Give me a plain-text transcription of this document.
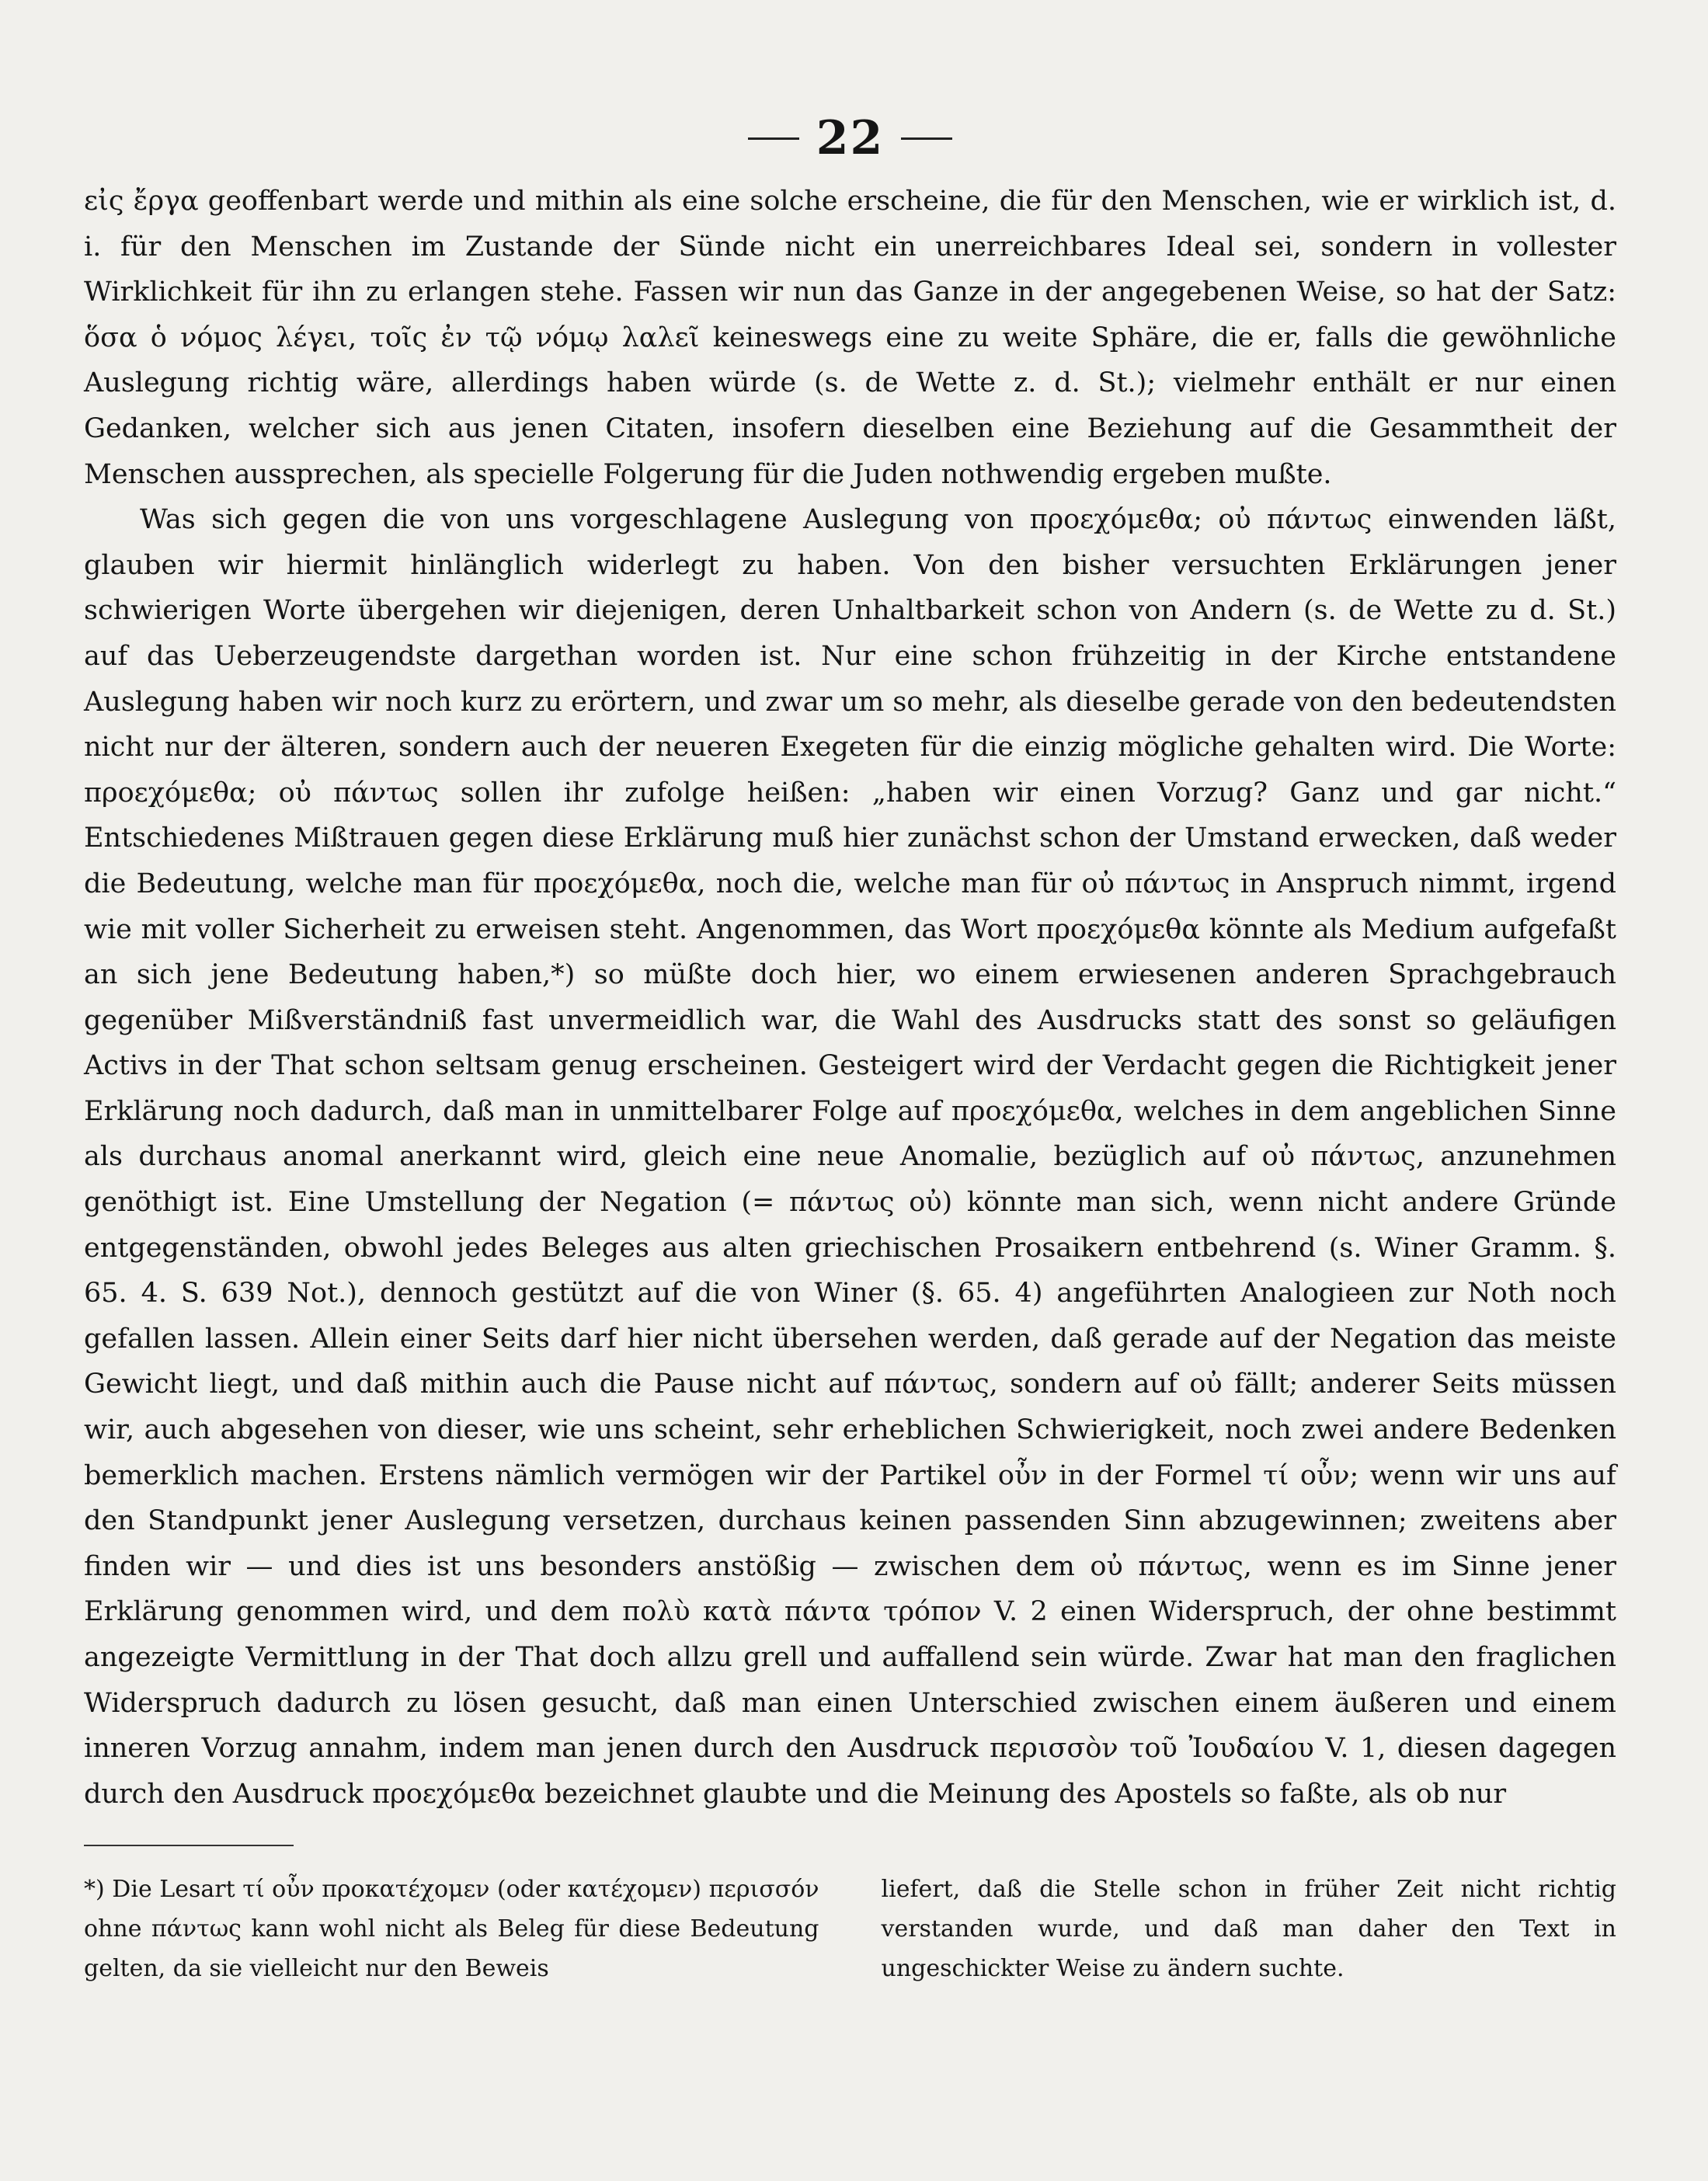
22

εἰς ἔργα geoffenbart werde und mithin als eine solche erscheine, die für den Menschen, wie er wirklich ist, d. i. für den Menschen im Zustande der Sünde nicht ein unerreichbares Ideal sei, sondern in vollester Wirklichkeit für ihn zu erlangen stehe. Fassen wir nun das Ganze in der angegebenen Weise, so hat der Satz: ὅσα ὁ νόμος λέγει, τοῖς ἐν τῷ νόμῳ λαλεῖ keineswegs eine zu weite Sphäre, die er, falls die gewöhnliche Auslegung richtig wäre, allerdings haben würde (s. de Wette z. d. St.); vielmehr enthält er nur einen Gedanken, welcher sich aus jenen Citaten, insofern dieselben eine Beziehung auf die Gesammtheit der Menschen aussprechen, als specielle Folgerung für die Juden nothwendig ergeben mußte.

Was sich gegen die von uns vorgeschlagene Auslegung von προεχόμεθα; οὐ πάντως einwenden läßt, glauben wir hiermit hinlänglich widerlegt zu haben. Von den bisher versuchten Erklärungen jener schwierigen Worte übergehen wir diejenigen, deren Unhaltbarkeit schon von Andern (s. de Wette zu d. St.) auf das Ueberzeugendste dargethan worden ist. Nur eine schon frühzeitig in der Kirche entstandene Auslegung haben wir noch kurz zu erörtern, und zwar um so mehr, als dieselbe gerade von den bedeutendsten nicht nur der älteren, sondern auch der neueren Exegeten für die einzig mögliche gehalten wird. Die Worte: προεχόμεθα; οὐ πάντως sollen ihr zufolge heißen: „haben wir einen Vorzug? Ganz und gar nicht.“ Entschiedenes Mißtrauen gegen diese Erklärung muß hier zunächst schon der Umstand erwecken, daß weder die Bedeutung, welche man für προεχόμεθα, noch die, welche man für οὐ πάντως in Anspruch nimmt, irgend wie mit voller Sicherheit zu erweisen steht. Angenommen, das Wort προεχόμεθα könnte als Medium aufgefaßt an sich jene Bedeutung haben,*) so müßte doch hier, wo einem erwiesenen anderen Sprachgebrauch gegenüber Mißverständniß fast unvermeidlich war, die Wahl des Ausdrucks statt des sonst so geläufigen Activs in der That schon seltsam genug erscheinen. Gesteigert wird der Verdacht gegen die Richtigkeit jener Erklärung noch dadurch, daß man in unmittelbarer Folge auf προεχόμεθα, welches in dem angeblichen Sinne als durchaus anomal anerkannt wird, gleich eine neue Anomalie, bezüglich auf οὐ πάντως, anzunehmen genöthigt ist. Eine Umstellung der Negation (= πάντως οὐ) könnte man sich, wenn nicht andere Gründe entgegenständen, obwohl jedes Beleges aus alten griechischen Prosaikern entbehrend (s. Winer Gramm. §. 65. 4. S. 639 Not.), dennoch gestützt auf die von Winer (§. 65. 4) angeführten Analogieen zur Noth noch gefallen lassen. Allein einer Seits darf hier nicht übersehen werden, daß gerade auf der Negation das meiste Gewicht liegt, und daß mithin auch die Pause nicht auf πάντως, sondern auf οὐ fällt; anderer Seits müssen wir, auch abgesehen von dieser, wie uns scheint, sehr erheblichen Schwierigkeit, noch zwei andere Bedenken bemerklich machen. Erstens nämlich vermögen wir der Partikel οὖν in der Formel τί οὖν; wenn wir uns auf den Standpunkt jener Auslegung versetzen, durchaus keinen passenden Sinn abzugewinnen; zweitens aber finden wir — und dies ist uns besonders anstößig — zwischen dem οὐ πάντως, wenn es im Sinne jener Erklärung genommen wird, und dem πολὺ κατὰ πάντα τρόπον V. 2 einen Widerspruch, der ohne bestimmt angezeigte Vermittlung in der That doch allzu grell und auffallend sein würde. Zwar hat man den fraglichen Widerspruch dadurch zu lösen gesucht, daß man einen Unterschied zwischen einem äußeren und einem inneren Vorzug annahm, indem man jenen durch den Ausdruck περισσὸν τοῦ Ἰουδαίου V. 1, diesen dagegen durch den Ausdruck προεχόμεθα bezeichnet glaubte und die Meinung des Apostels so faßte, als ob nur

*) Die Lesart τί οὖν προκατέχομεν (oder κατέχομεν) περισσόν ohne πάντως kann wohl nicht als Beleg für diese Bedeutung gelten, da sie vielleicht nur den Beweis
liefert, daß die Stelle schon in früher Zeit nicht richtig verstanden wurde, und daß man daher den Text in ungeschickter Weise zu ändern suchte.
